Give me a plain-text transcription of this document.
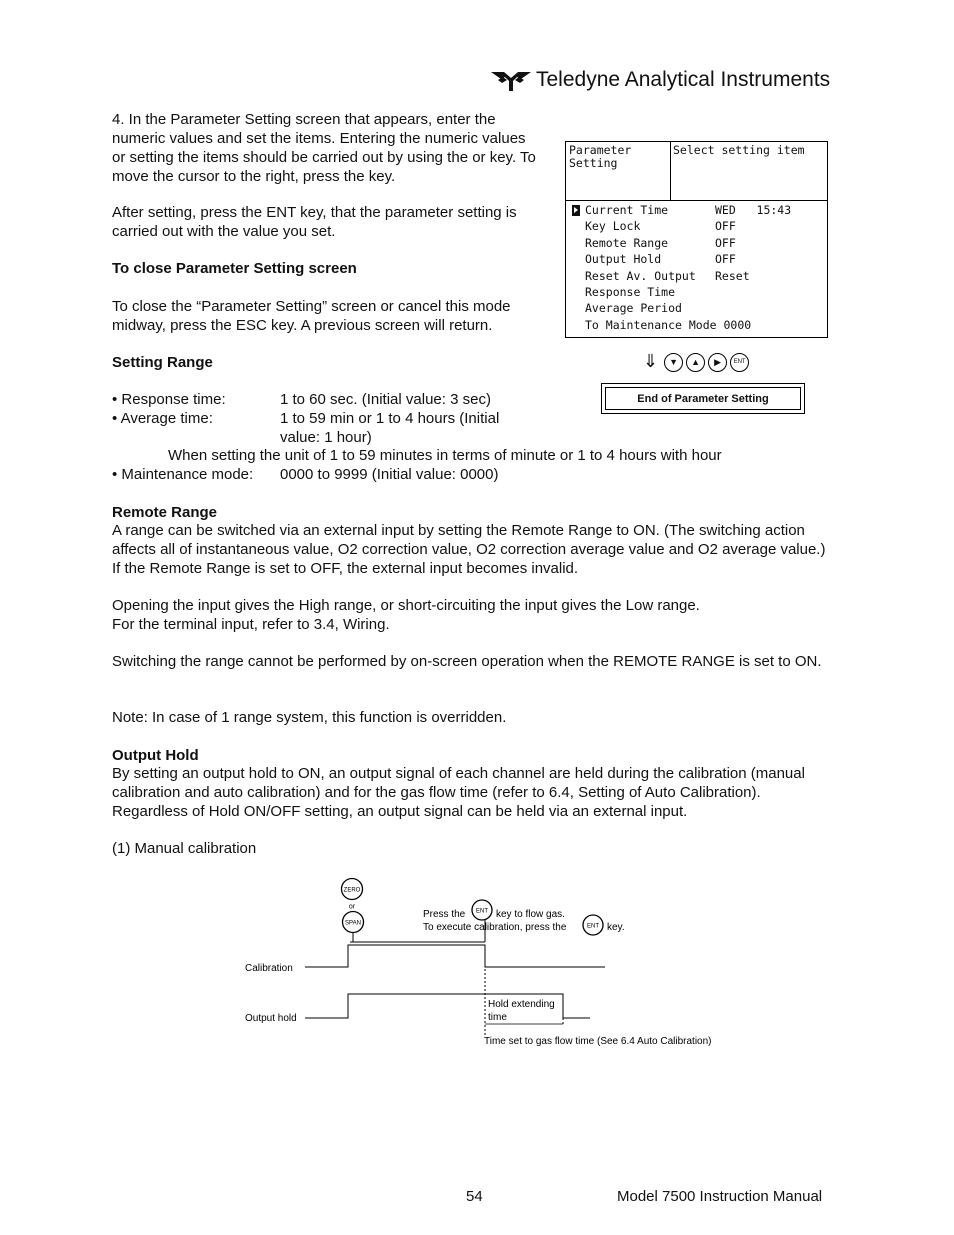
Teledyne Analytical Instruments

4. In the Parameter Setting screen that appears, enter the numeric values and set the items. Entering the numeric values or setting the items should be carried out by using the or key. To move the cursor to the right, press the key.

After setting, press the ENT key, that the parameter setting is carried out with the value you set.

To close Parameter Setting screen

To close the “Parameter Setting” screen or cancel this mode midway, press the ESC key. A previous screen will return.

Parameter
Setting
Select setting item
Current Time	WED   15:43
Key Lock	OFF
Remote Range	OFF
Output Hold	OFF
Reset Av. Output Reset
Response Time
Average Period
To Maintenance Mode 0000
⇓	▼	▲	▶	ENT
End of Parameter Setting

Setting Range

• Response time:	1 to 60 sec. (Initial value: 3 sec)

• Average time:	1 to 59 min or 1 to 4 hours (Initial

value: 1 hour)

When setting the unit of 1 to 59 minutes in terms of minute or 1 to 4 hours with hour

• Maintenance mode: 0000 to 9999 (Initial value: 0000)

Remote Range

A range can be switched via an external input by setting the Remote Range to ON. (The switching action affects all of instantaneous value, O2 correction value, O2 correction average value and O2 average value.) If the Remote Range is set to OFF, the external input becomes invalid.

Opening the input gives the High range, or short-circuiting the input gives the Low range.

For the terminal input, refer to 3.4, Wiring.

Switching the range cannot be performed by on-screen operation when the REMOTE RANGE is set to ON.

Note: In case of 1 range system, this function is overridden.

Output Hold

By setting an output hold to ON, an output signal of each channel are held during the calibration (manual calibration and auto calibration) and for the gas flow time (refer to 6.4, Setting of Auto Calibration). Regardless of Hold ON/OFF setting, an output signal can be held via an external input.

(1) Manual calibration

ZERO
or
SPAN
Press the ENT key to flow gas.
To execute calibration, press the	ENT key.
Calibration
Output hold
Hold extending
time
Time set to gas flow time (See 6.4 Auto Calibration)

54	Model 7500 Instruction Manual
